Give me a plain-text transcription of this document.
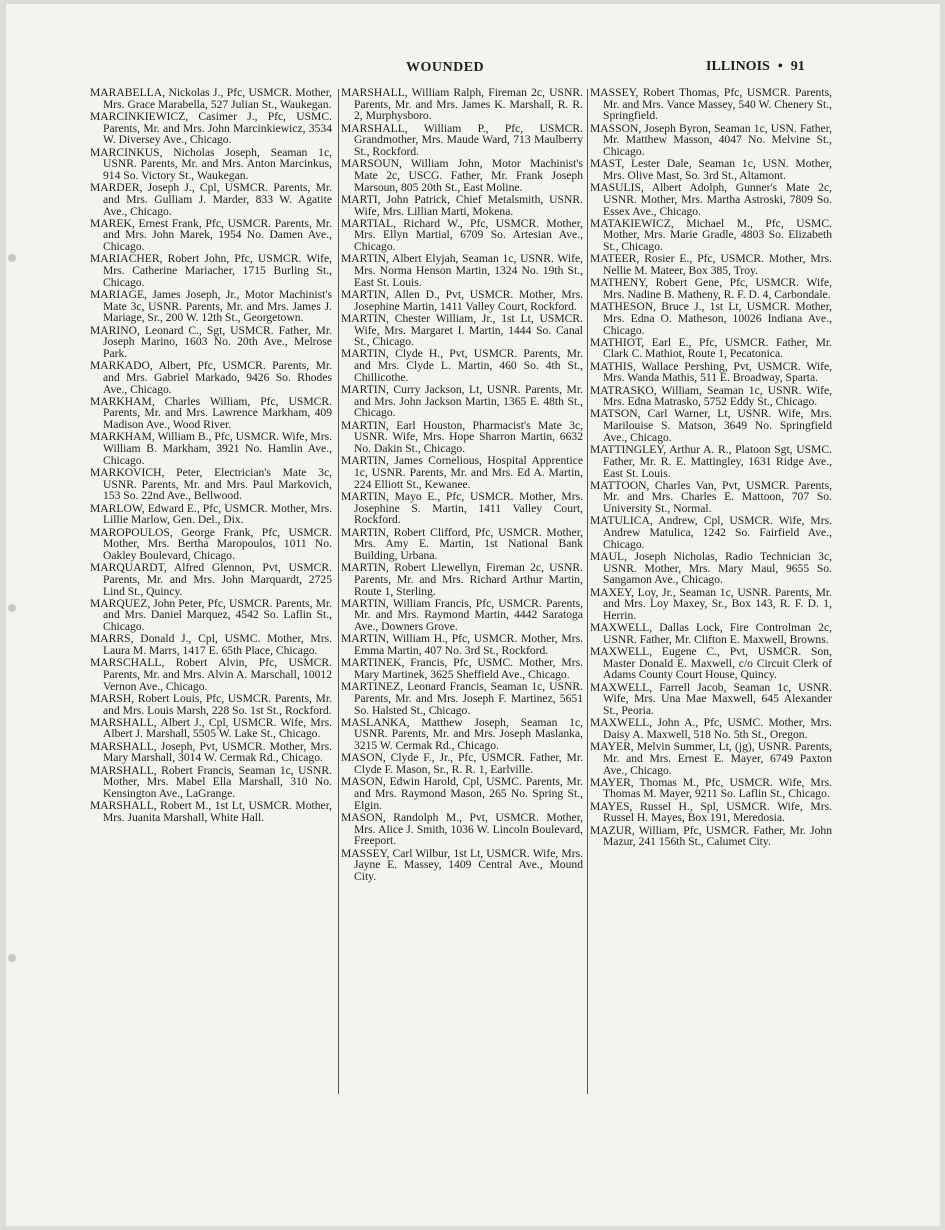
WOUNDED	ILLINOIS • 91
MARABELLA, Nickolas J., Pfc, USMCR. Mother, Mrs. Grace Marabella, 527 Julian St., Waukegan.
MARCINKIEWICZ, Casimer J., Pfc, USMC. Parents, Mr. and Mrs. John Marcinkiewicz, 3534 W. Diversey Ave., Chicago.
MARCINKUS, Nicholas Joseph, Seaman 1c, USNR. Parents, Mr. and Mrs. Anton Marcinkus, 914 So. Victory St., Waukegan.
MARDER, Joseph J., Cpl, USMCR. Parents, Mr. and Mrs. Gulliam J. Marder, 833 W. Agatite Ave., Chicago.
MAREK, Ernest Frank, Pfc, USMCR. Parents, Mr. and Mrs. John Marek, 1954 No. Damen Ave., Chicago.
MARIACHER, Robert John, Pfc, USMCR. Wife, Mrs. Catherine Mariacher, 1715 Burling St., Chicago.
MARIAGE, James Joseph, Jr., Motor Machinist's Mate 3c, USNR. Parents, Mr. and Mrs. James J. Mariage, Sr., 200 W. 12th St., Georgetown.
MARINO, Leonard C., Sgt, USMCR. Father, Mr. Joseph Marino, 1603 No. 20th Ave., Melrose Park.
MARKADO, Albert, Pfc, USMCR. Parents, Mr. and Mrs. Gabriel Markado, 9426 So. Rhodes Ave., Chicago.
MARKHAM, Charles William, Pfc, USMCR. Parents, Mr. and Mrs. Lawrence Markham, 409 Madison Ave., Wood River.
MARKHAM, William B., Pfc, USMCR. Wife, Mrs. William B. Markham, 3921 No. Hamlin Ave., Chicago.
MARKOVICH, Peter, Electrician's Mate 3c, USNR. Parents, Mr. and Mrs. Paul Markovich, 153 So. 22nd Ave., Bellwood.
MARLOW, Edward E., Pfc, USMCR. Mother, Mrs. Lillie Marlow, Gen. Del., Dix.
MAROPOULOS, George Frank, Pfc, USMCR. Mother, Mrs. Bertha Maropoulos, 1011 No. Oakley Boulevard, Chicago.
MARQUARDT, Alfred Glennon, Pvt, USMCR. Parents, Mr. and Mrs. John Marquardt, 2725 Lind St., Quincy.
MARQUEZ, John Peter, Pfc, USMCR. Parents, Mr. and Mrs. Daniel Marquez, 4542 So. Laflin St., Chicago.
MARRS, Donald J., Cpl, USMC. Mother, Mrs. Laura M. Marrs, 1417 E. 65th Place, Chicago.
MARSCHALL, Robert Alvin, Pfc, USMCR. Parents, Mr. and Mrs. Alvin A. Marschall, 10012 Vernon Ave., Chicago.
MARSH, Robert Louis, Pfc, USMCR. Parents, Mr. and Mrs. Louis Marsh, 228 So. 1st St., Rockford.
MARSHALL, Albert J., Cpl, USMCR. Wife, Mrs. Albert J. Marshall, 5505 W. Lake St., Chicago.
MARSHALL, Joseph, Pvt, USMCR. Mother, Mrs. Mary Marshall, 3014 W. Cermak Rd., Chicago.
MARSHALL, Robert Francis, Seaman 1c, USNR. Mother, Mrs. Mabel Ella Marshall, 310 No. Kensington Ave., LaGrange.
MARSHALL, Robert M., 1st Lt, USMCR. Mother, Mrs. Juanita Marshall, White Hall.
MARSHALL, William Ralph, Fireman 2c, USNR. Parents, Mr. and Mrs. James K. Marshall, R. R. 2, Murphysboro.
MARSHALL, William P., Pfc, USMCR. Grandmother, Mrs. Maude Ward, 713 Maulberry St., Rockford.
MARSOUN, William John, Motor Machinist's Mate 2c, USCG. Father, Mr. Frank Joseph Marsoun, 805 20th St., East Moline.
MARTI, John Patrick, Chief Metalsmith, USNR. Wife, Mrs. Lillian Marti, Mokena.
MARTIAL, Richard W., Pfc, USMCR. Mother, Mrs. Ellyn Martial, 6709 So. Artesian Ave., Chicago.
MARTIN, Albert Elyjah, Seaman 1c, USNR. Wife, Mrs. Norma Henson Martin, 1324 No. 19th St., East St. Louis.
MARTIN, Allen D., Pvt, USMCR. Mother, Mrs. Josephine Martin, 1411 Valley Court, Rockford.
MARTIN, Chester William, Jr., 1st Lt, USMCR. Wife, Mrs. Margaret I. Martin, 1444 So. Canal St., Chicago.
MARTIN, Clyde H., Pvt, USMCR. Parents, Mr. and Mrs. Clyde L. Martin, 460 So. 4th St., Chillicothe.
MARTIN, Curry Jackson, Lt, USNR. Parents, Mr. and Mrs. John Jackson Martin, 1365 E. 48th St., Chicago.
MARTIN, Earl Houston, Pharmacist's Mate 3c, USNR. Wife, Mrs. Hope Sharron Martin, 6632 No. Dakin St., Chicago.
MARTIN, James Cornelious, Hospital Apprentice 1c, USNR. Parents, Mr. and Mrs. Ed A. Martin, 224 Elliott St., Kewanee.
MARTIN, Mayo E., Pfc, USMCR. Mother, Mrs. Josephine S. Martin, 1411 Valley Court, Rockford.
MARTIN, Robert Clifford, Pfc, USMCR. Mother, Mrs. Amy E. Martin, 1st National Bank Building, Urbana.
MARTIN, Robert Llewellyn, Fireman 2c, USNR. Parents, Mr. and Mrs. Richard Arthur Martin, Route 1, Sterling.
MARTIN, William Francis, Pfc, USMCR. Parents, Mr. and Mrs. Raymond Martin, 4442 Saratoga Ave., Downers Grove.
MARTIN, William H., Pfc, USMCR. Mother, Mrs. Emma Martin, 407 No. 3rd St., Rockford.
MARTINEK, Francis, Pfc, USMC. Mother, Mrs. Mary Martinek, 3625 Sheffield Ave., Chicago.
MARTINEZ, Leonard Francis, Seaman 1c, USNR. Parents, Mr. and Mrs. Joseph F. Martinez, 5651 So. Halsted St., Chicago.
MASLANKA, Matthew Joseph, Seaman 1c, USNR. Parents, Mr. and Mrs. Joseph Maslanka, 3215 W. Cermak Rd., Chicago.
MASON, Clyde F., Jr., Pfc, USMCR. Father, Mr. Clyde F. Mason, Sr., R. R. 1, Earlville.
MASON, Edwin Harold, Cpl, USMC. Parents, Mr. and Mrs. Raymond Mason, 265 No. Spring St., Elgin.
MASON, Randolph M., Pvt, USMCR. Mother, Mrs. Alice J. Smith, 1036 W. Lincoln Boulevard, Freeport.
MASSEY, Carl Wilbur, 1st Lt, USMCR. Wife, Mrs. Jayne E. Massey, 1409 Central Ave., Mound City.
MASSEY, Robert Thomas, Pfc, USMCR. Parents, Mr. and Mrs. Vance Massey, 540 W. Chenery St., Springfield.
MASSON, Joseph Byron, Seaman 1c, USN. Father, Mr. Matthew Masson, 4047 No. Melvine St., Chicago.
MAST, Lester Dale, Seaman 1c, USN. Mother, Mrs. Olive Mast, So. 3rd St., Altamont.
MASULIS, Albert Adolph, Gunner's Mate 2c, USNR. Mother, Mrs. Martha Astroski, 7809 So. Essex Ave., Chicago.
MATAKIEWICZ, Michael M., Pfc, USMC. Mother, Mrs. Marie Gradle, 4803 So. Elizabeth St., Chicago.
MATEER, Rosier E., Pfc, USMCR. Mother, Mrs. Nellie M. Mateer, Box 385, Troy.
MATHENY, Robert Gene, Pfc, USMCR. Wife, Mrs. Nadine B. Matheny, R. F. D. 4, Carbondale.
MATHESON, Bruce J., 1st Lt, USMCR. Mother, Mrs. Edna O. Matheson, 10026 Indiana Ave., Chicago.
MATHIOT, Earl E., Pfc, USMCR. Father, Mr. Clark C. Mathiot, Route 1, Pecatonica.
MATHIS, Wallace Pershing, Pvt, USMCR. Wife, Mrs. Wanda Mathis, 511 E. Broadway, Sparta.
MATRASKO, William, Seaman 1c, USNR. Wife, Mrs. Edna Matrasko, 5752 Eddy St., Chicago.
MATSON, Carl Warner, Lt, USNR. Wife, Mrs. Marilouise S. Matson, 3649 No. Springfield Ave., Chicago.
MATTINGLEY, Arthur A. R., Platoon Sgt, USMC. Father, Mr. R. E. Mattingley, 1631 Ridge Ave., East St. Louis.
MATTOON, Charles Van, Pvt, USMCR. Parents, Mr. and Mrs. Charles E. Mattoon, 707 So. University St., Normal.
MATULICA, Andrew, Cpl, USMCR. Wife, Mrs. Andrew Matulica, 1242 So. Fairfield Ave., Chicago.
MAUL, Joseph Nicholas, Radio Technician 3c, USNR. Mother, Mrs. Mary Maul, 9655 So. Sangamon Ave., Chicago.
MAXEY, Loy, Jr., Seaman 1c, USNR. Parents, Mr. and Mrs. Loy Maxey, Sr., Box 143, R. F. D. 1, Herrin.
MAXWELL, Dallas Lock, Fire Controlman 2c, USNR. Father, Mr. Clifton E. Maxwell, Browns.
MAXWELL, Eugene C., Pvt, USMCR. Son, Master Donald E. Maxwell, c/o Circuit Clerk of Adams County Court House, Quincy.
MAXWELL, Farrell Jacob, Seaman 1c, USNR. Wife, Mrs. Una Mae Maxwell, 645 Alexander St., Peoria.
MAXWELL, John A., Pfc, USMC. Mother, Mrs. Daisy A. Maxwell, 518 No. 5th St., Oregon.
MAYER, Melvin Summer, Lt, (jg), USNR. Parents, Mr. and Mrs. Ernest E. Mayer, 6749 Paxton Ave., Chicago.
MAYER, Thomas M., Pfc, USMCR. Wife, Mrs. Thomas M. Mayer, 9211 So. Laflin St., Chicago.
MAYES, Russel H., Spl, USMCR. Wife, Mrs. Russel H. Mayes, Box 191, Meredosia.
MAZUR, William, Pfc, USMCR. Father, Mr. John Mazur, 241 156th St., Calumet City.
